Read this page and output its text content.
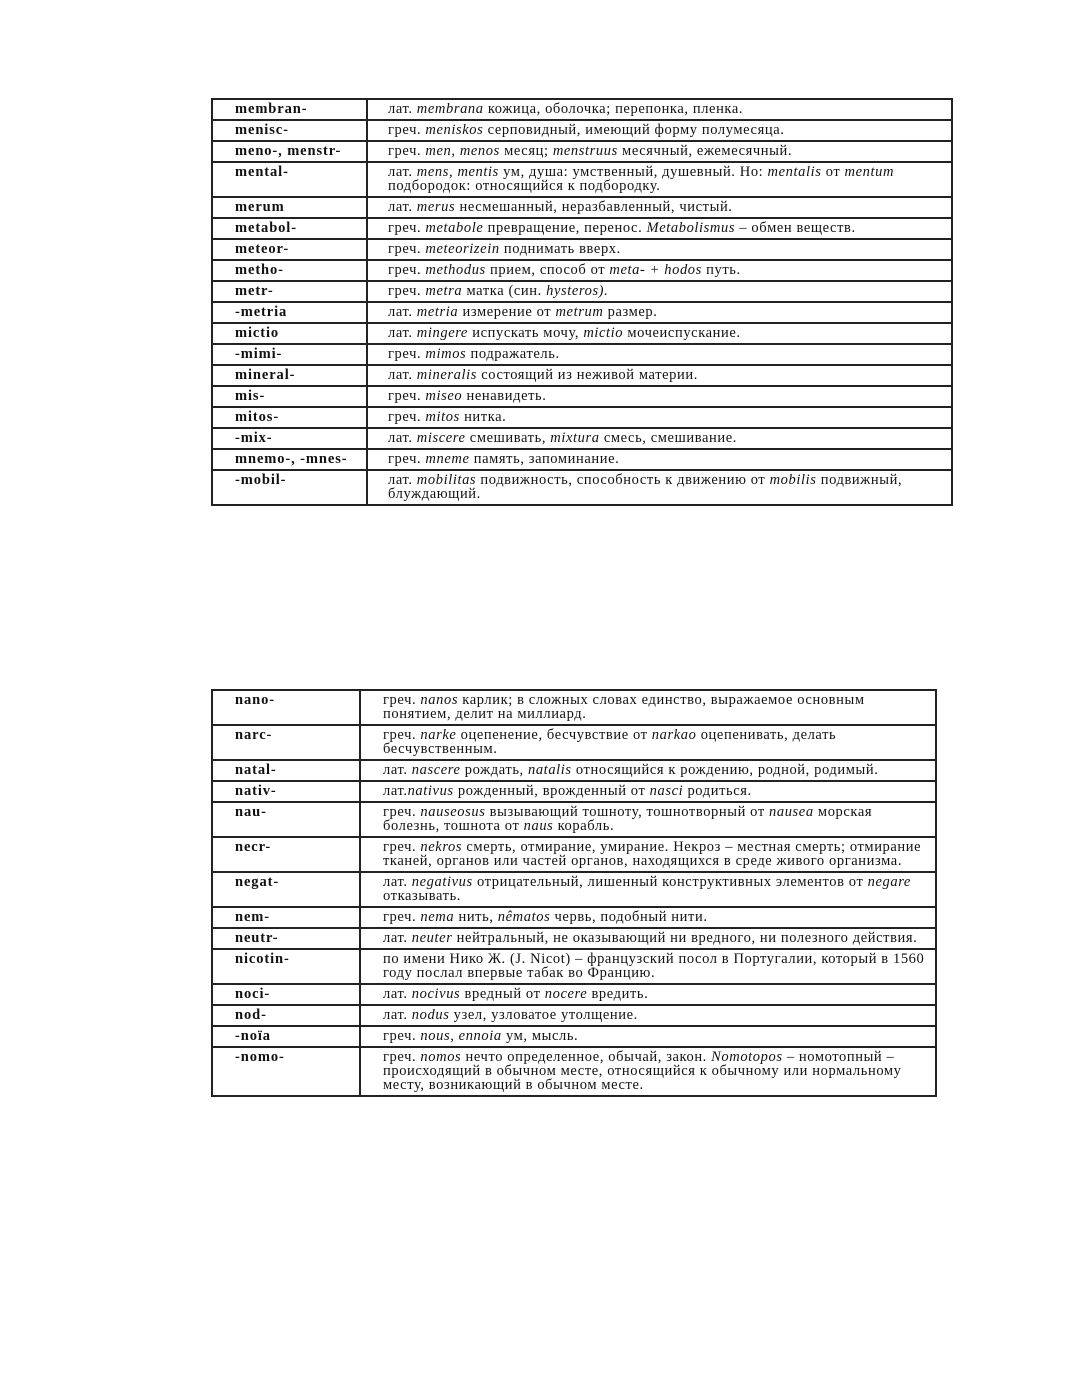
membran-	лат. membrana кожица, оболочка; перепонка, пленка.
menisc-	греч. meniskos серповидный, имеющий форму полумесяца.
meno-, menstr-	греч. men, menos месяц; menstruus месячный, ежемесячный.
mental-	лат. mens, mentis ум, душа: умственный, душевный. Но: mentalis от mentum подбородок: относящийся к подбородку.
merum	лат. merus несмешанный, неразбавленный, чистый.
metabol-	греч. metabole превращение, перенос. Metabolismus – обмен веществ.
meteor-	греч. meteorizein поднимать вверх.
metho-	греч. methodus прием, способ от meta- + hodos путь.
metr-	греч. metra матка (син. hysteros).
-metria	лат. metria измерение от metrum размер.
mictio	лат. mingere испускать мочу, mictio мочеиспускание.
-mimi-	греч. mimos подражатель.
mineral-	лат. mineralis состоящий из неживой материи.
mis-	греч. miseo ненавидеть.
mitos-	греч. mitos нитка.
-mix-	лат. miscere смешивать, mixtura смесь, смешивание.
mnemo-, -mnes-	греч. mneme память, запоминание.
-mobil-	лат. mobilitas подвижность, способность к движению от mobilis подвижный, блуждающий.
nano-	греч. nanos карлик; в сложных словах единство, выражаемое основным понятием, делит на миллиард.
narc-	греч. narke оцепенение, бесчувствие от narkao оцепенивать, делать бесчувственным.
natal-	лат. nascere рождать, natalis относящийся к рождению, родной, родимый.
nativ-	лат.nativus рожденный, врожденный от nasci родиться.
nau-	греч. nauseosus вызывающий тошноту, тошнотворный от nausea морская болезнь, тошнота от naus корабль.
necr-	греч. nekros смерть, отмирание, умирание. Некроз – местная смерть; отмирание тканей, органов или частей органов, находящихся в среде живого организма.
negat-	лат. negativus отрицательный, лишенный конструктивных элементов от negare отказывать.
nem-	греч. nema нить, nêmatos червь, подобный нити.
neutr-	лат. neuter нейтральный, не оказывающий ни вредного, ни полезного действия.
nicotin-	по имени Нико Ж. (J. Nicot) – французский посол в Португалии, который в 1560 году послал впервые табак во Францию.
noci-	лат. nocivus вредный от nocere вредить.
nod-	лат. nodus узел, узловатое утолщение.
-noïa	греч. nous, ennoia ум, мысль.
-nomo-	греч. nomos нечто определенное, обычай, закон. Nomotopos – номотопный – происходящий в обычном месте, относящийся к обычному или нормальному месту, возникающий в обычном месте.
